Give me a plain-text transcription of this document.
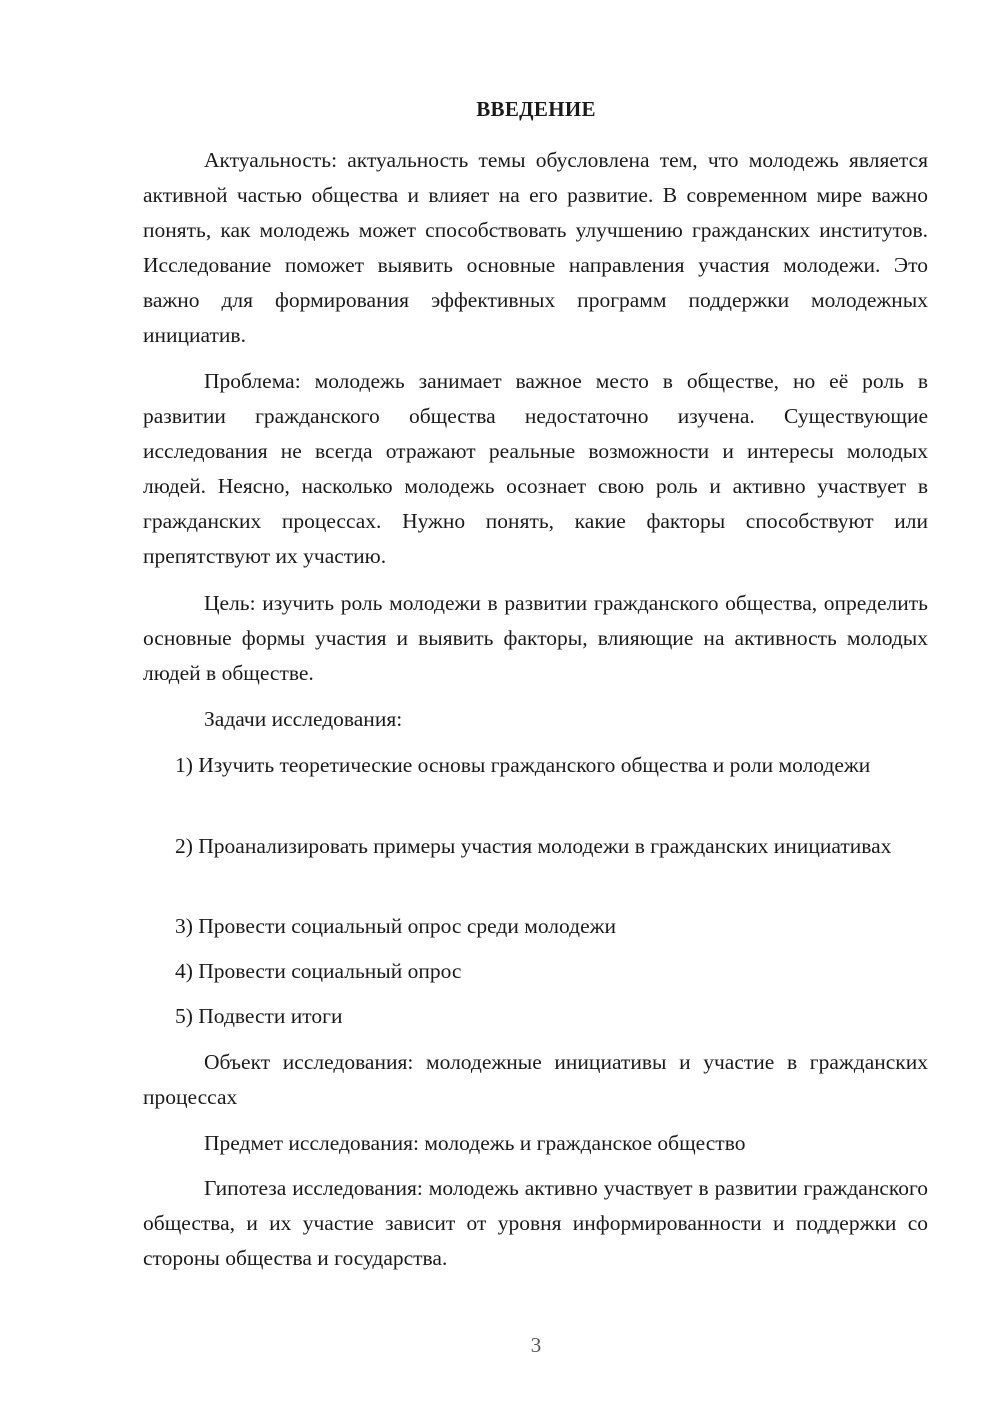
ВВЕДЕНИЕ

Актуальность: актуальность темы обусловлена тем, что молодежь является активной частью общества и влияет на его развитие. В современном мире важно понять, как молодежь может способствовать улучшению гражданских институтов. Исследование поможет выявить основные направления участия молодежи. Это важно для формирования эффективных программ поддержки молодежных инициатив.

Проблема: молодежь занимает важное место в обществе, но её роль в развитии гражданского общества недостаточно изучена. Существующие исследования не всегда отражают реальные возможности и интересы молодых людей. Неясно, насколько молодежь осознает свою роль и активно участвует в гражданских процессах. Нужно понять, какие факторы способствуют или препятствуют их участию.

Цель: изучить роль молодежи в развитии гражданского общества, определить основные формы участия и выявить факторы, влияющие на активность молодых людей в обществе.

Задачи исследования:

1) Изучить теоретические основы гражданского общества и роли молодежи

2) Проанализировать примеры участия молодежи в гражданских инициативах

3) Провести социальный опрос среди молодежи

4) Провести социальный опрос

5) Подвести итоги

Объект исследования: молодежные инициативы и участие в гражданских процессах

Предмет исследования: молодежь и гражданское общество

Гипотеза исследования: молодежь активно участвует в развитии гражданского общества, и их участие зависит от уровня информированности и поддержки со стороны общества и государства.

3
